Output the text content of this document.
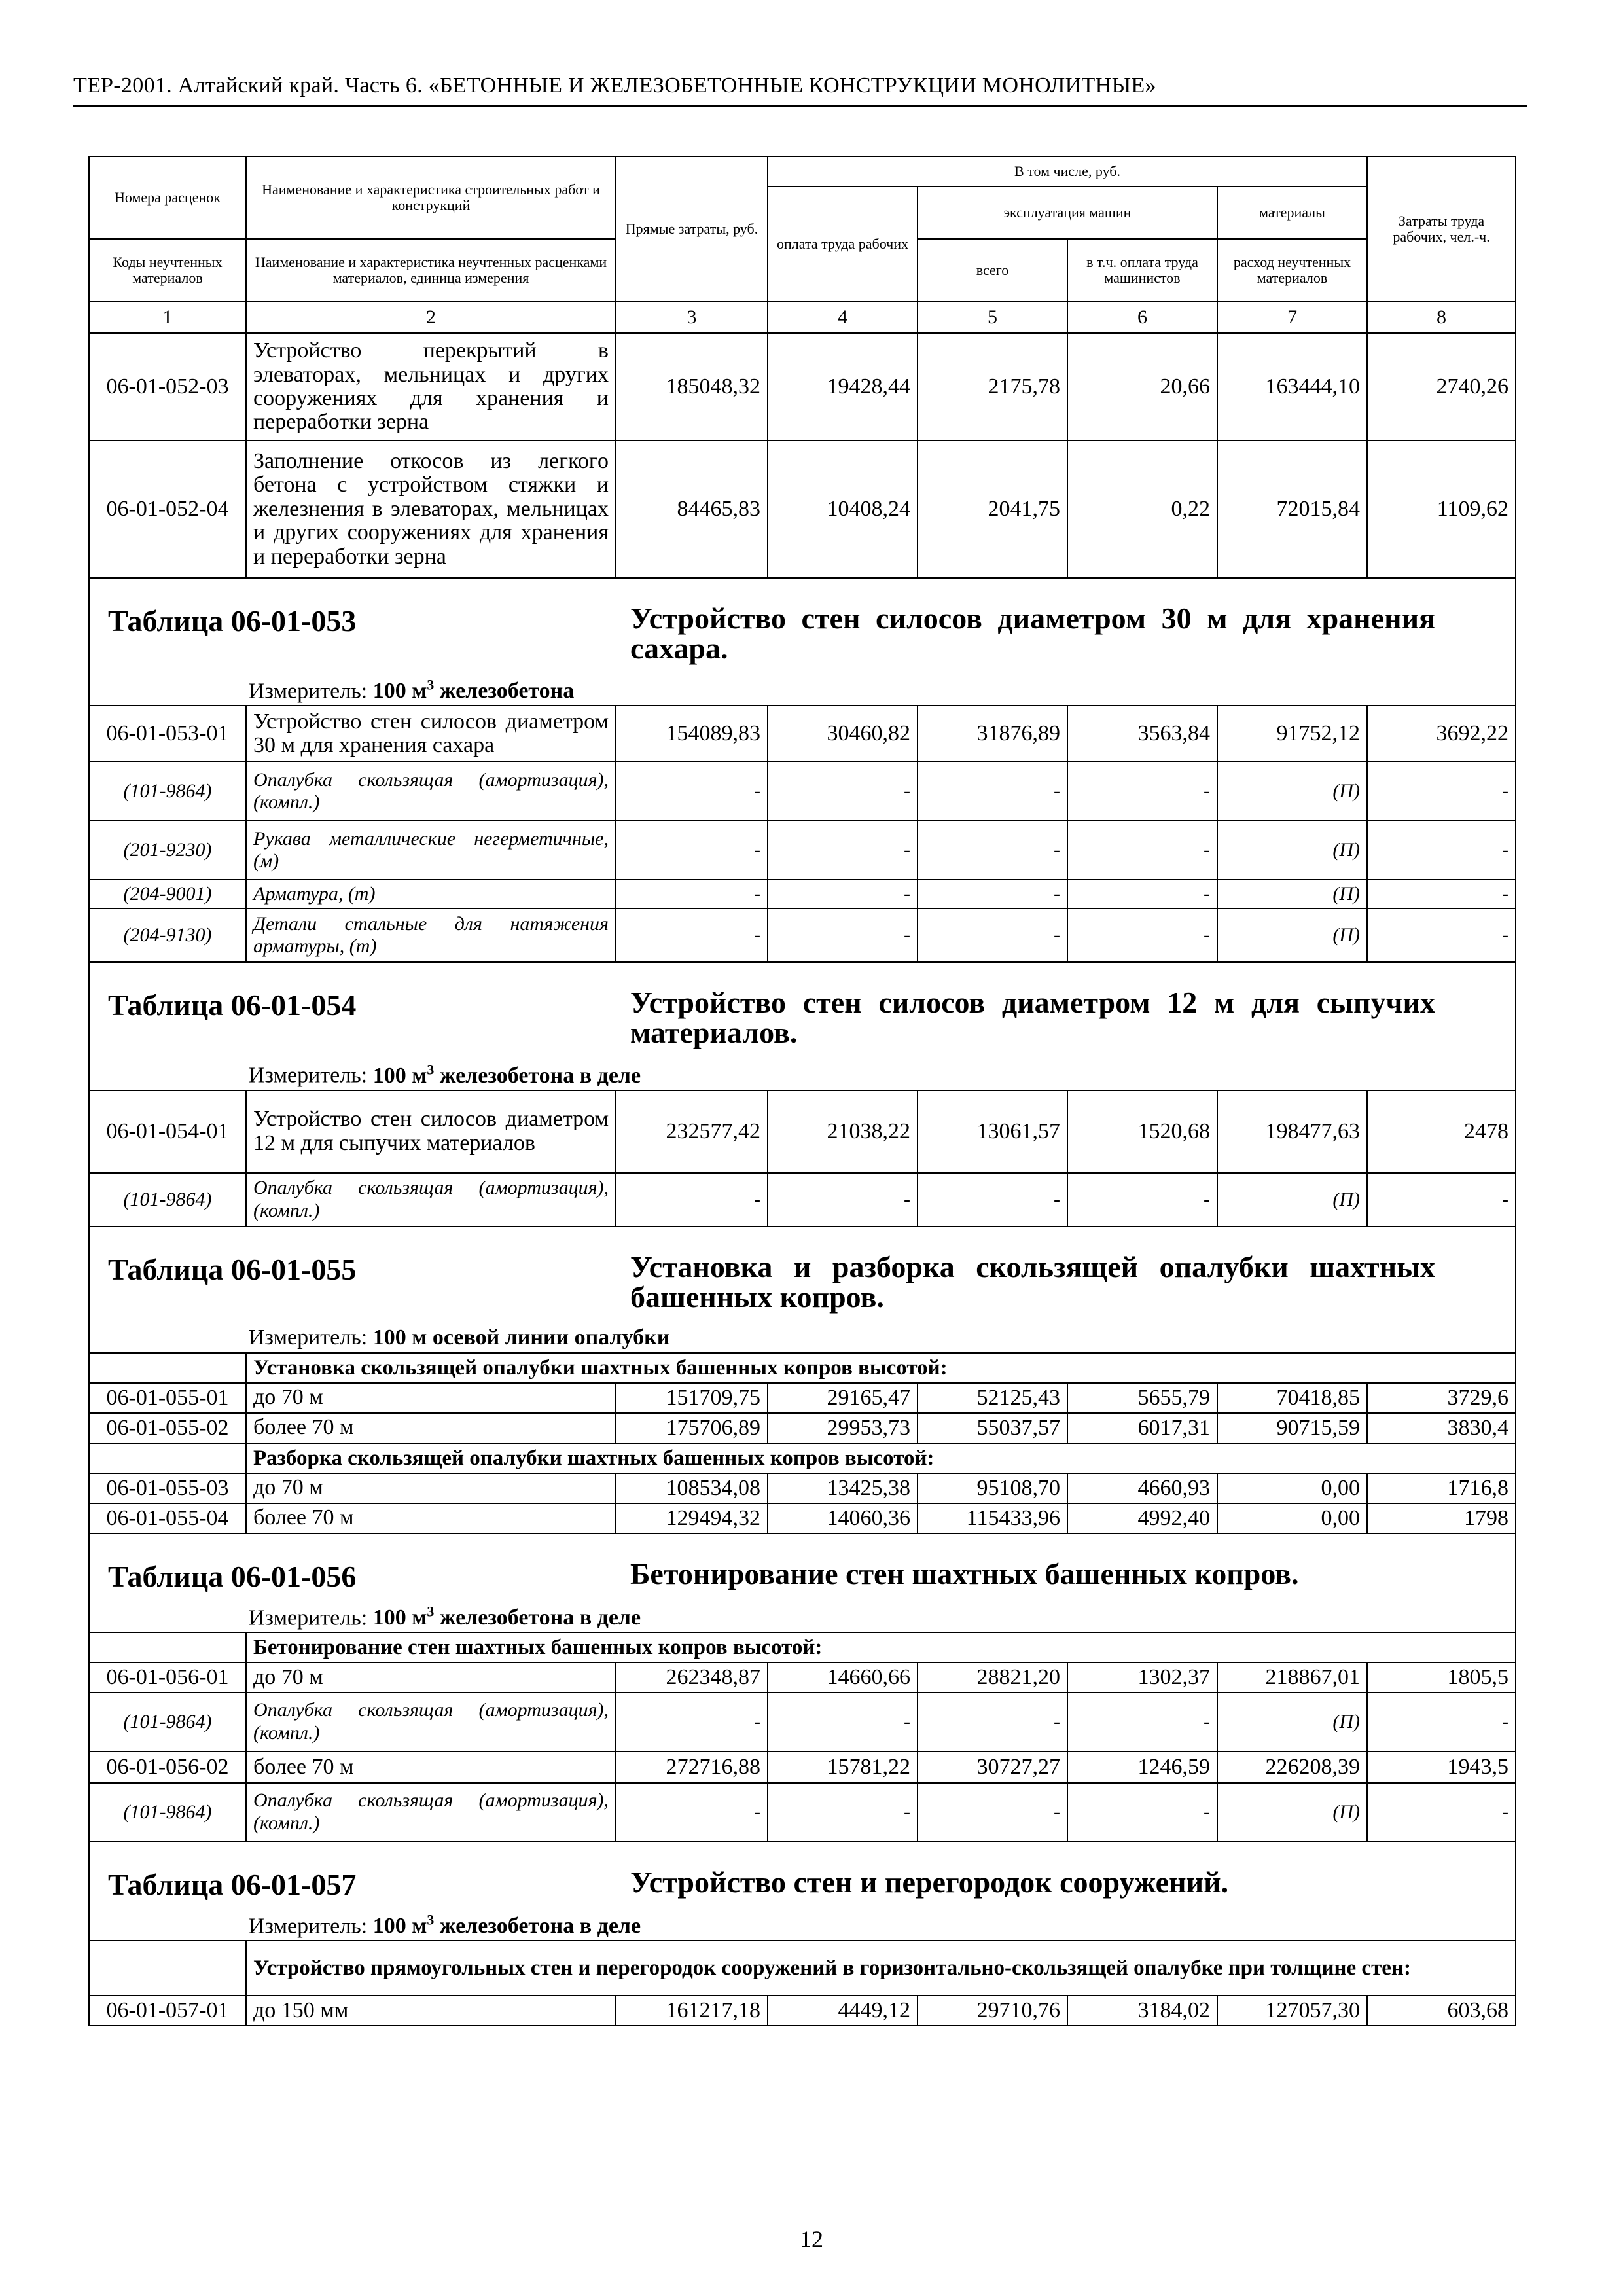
ТЕР-2001. Алтайский край. Часть 6. «БЕТОННЫЕ И ЖЕЛЕЗОБЕТОННЫЕ КОНСТРУКЦИИ МОНОЛИТНЫЕ»
Номера расценок	Наименование и характеристика строительных работ и конструкций	Прямые затраты, руб.	В том числе, руб.				Затраты труда рабочих, чел.-ч.
			оплата труда рабочих	эксплуатация машин		материалы	
Коды неучтенных материалов	Наименование и характеристика неучтенных расценками материалов, единица измерения			всего	в т.ч. оплата труда машинистов	расход неучтенных материалов	
1	2	3	4	5	6	7	8
06-01-052-03	Устройство перекрытий в элеваторах, мельницах и других сооружениях для хранения и переработки зерна	185048,32	19428,44	2175,78	20,66	163444,10	2740,26
06-01-052-04	Заполнение откосов из легкого бетона с устройством стяжки и железнения в элеваторах, мельницах и других сооружениях для хранения и переработки зерна	84465,83	10408,24	2041,75	0,22	72015,84	1109,62

Таблица 06-01-053 Устройство стен силосов диаметром 30 м для хранения сахара.							

Измеритель: 100 $м^3$ железобетона							
06-01-053-01	Устройство стен силосов диаметром 30 м для хранения сахара	154089,83	30460,82	31876,89	3563,84	91752,12	3692,22
(101-9864)	Опалубка скользящая (амортизация), (компл.)	-	-	-	-	(П)	-
(201-9230)	Рукава металлические негерметичные, (м)	-	-	-	-	(П)	-
(204-9001)	Арматура, (т)	-	-	-	-	(П)	-
(204-9130)	Детали стальные для натяжения арматуры, (т)	-	-	-	-	(П)	-

Таблица 06-01-054 Устройство стен силосов диаметром 12 м для сыпучих материалов.							

Измеритель: 100 $м^3$ железобетона в деле							
06-01-054-01	Устройство стен силосов диаметром 12 м для сыпучих материалов	232577,42	21038,22	13061,57	1520,68	198477,63	2478
(101-9864)	Опалубка скользящая (амортизация), (компл.)	-	-	-	-	(П)	-

Таблица 06-01-055 Установка и разборка скользящей опалубки шахтных башенных копров.							

Измеритель: 100 м осевой линии опалубки							
	Установка скользящей опалубки шахтных башенных копров высотой:						
06-01-055-01	до 70 м	151709,75	29165,47	52125,43	5655,79	70418,85	3729,6
06-01-055-02	более 70 м	175706,89	29953,73	55037,57	6017,31	90715,59	3830,4
	Разборка скользящей опалубки шахтных башенных копров высотой:						
06-01-055-03	до 70 м	108534,08	13425,38	95108,70	4660,93	0,00	1716,8
06-01-055-04	более 70 м	129494,32	14060,36	115433,96	4992,40	0,00	1798

Таблица 06-01-056 Бетонирование стен шахтных башенных копров.							

Измеритель: 100 $м^3$ железобетона в деле							
	Бетонирование стен шахтных башенных копров высотой:						
06-01-056-01	до 70 м	262348,87	14660,66	28821,20	1302,37	218867,01	1805,5
(101-9864)	Опалубка скользящая (амортизация), (компл.)	-	-	-	-	(П)	-
06-01-056-02	более 70 м	272716,88	15781,22	30727,27	1246,59	226208,39	1943,5
(101-9864)	Опалубка скользящая (амортизация), (компл.)	-	-	-	-	(П)	-

Таблица 06-01-057 Устройство стен и перегородок сооружений.							

Измеритель: 100 $м^3$ железобетона в деле							
	Устройство прямоугольных стен и перегородок сооружений в горизонтально-скользящей опалубке при толщине стен:						
06-01-057-01	до 150 мм	161217,18	4449,12	29710,76	3184,02	127057,30	603,68
12
